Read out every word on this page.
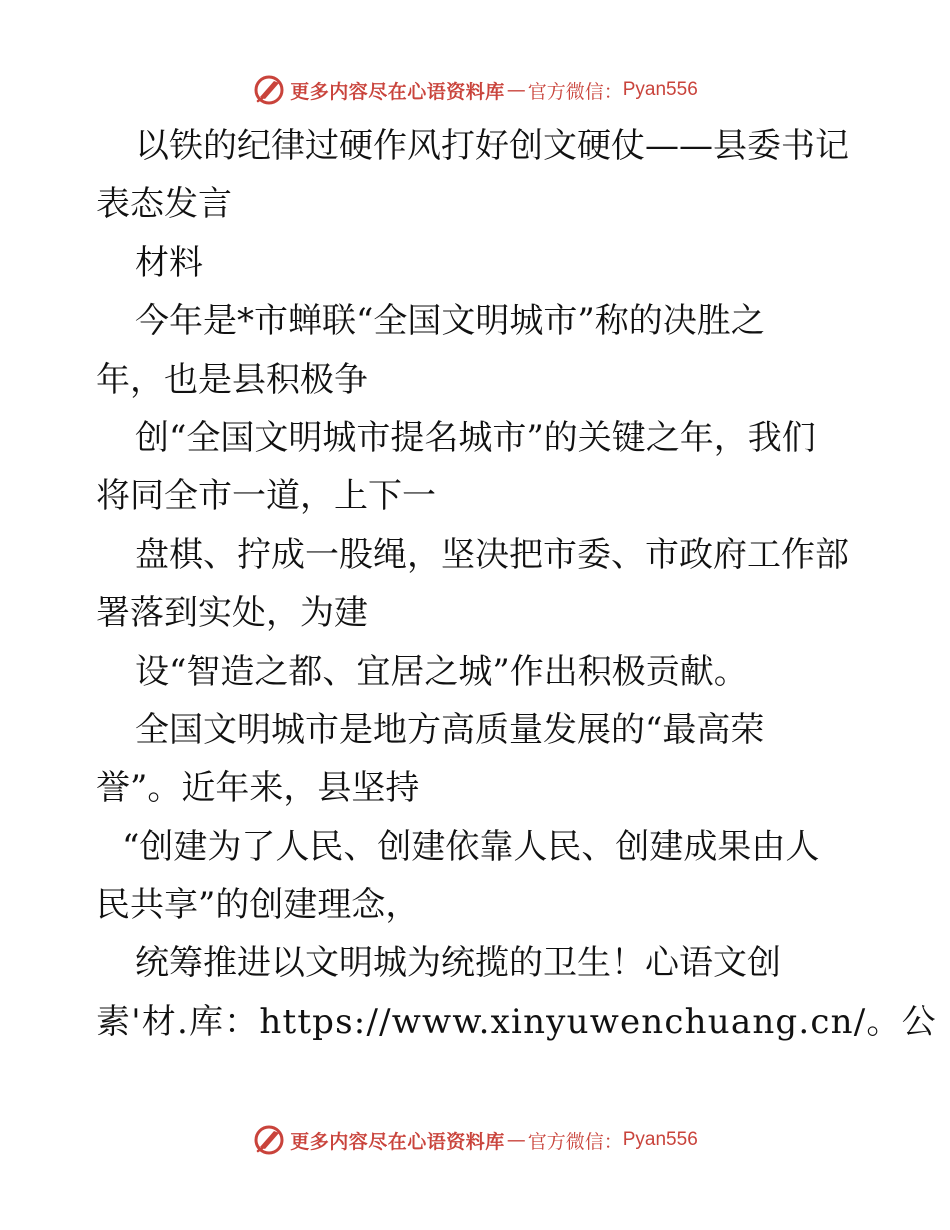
更多内容尽在心语资料库 — 官方微信： Pyan556
以铁的纪律过硬作风打好创文硬仗——县委书记
表态发言
材料
今年是*市蝉联“全国文明城市”称的决胜之
年，也是县积极争
创“全国文明城市提名城市”的关键之年，我们
将同全市一道，上下一
盘棋、拧成一股绳，坚决把市委、市政府工作部
署落到实处，为建
设“智造之都、宜居之城”作出积极贡献。
全国文明城市是地方高质量发展的“最高荣
誉”。近年来，县坚持
“创建为了人民、创建依靠人民、创建成果由人
民共享”的创建理念，
统筹推进以文明城为统揽的卫生！心语文创
素'材.库：https://www.xinyuwenchuang.cn/。公
更多内容尽在心语资料库 — 官方微信： Pyan556
